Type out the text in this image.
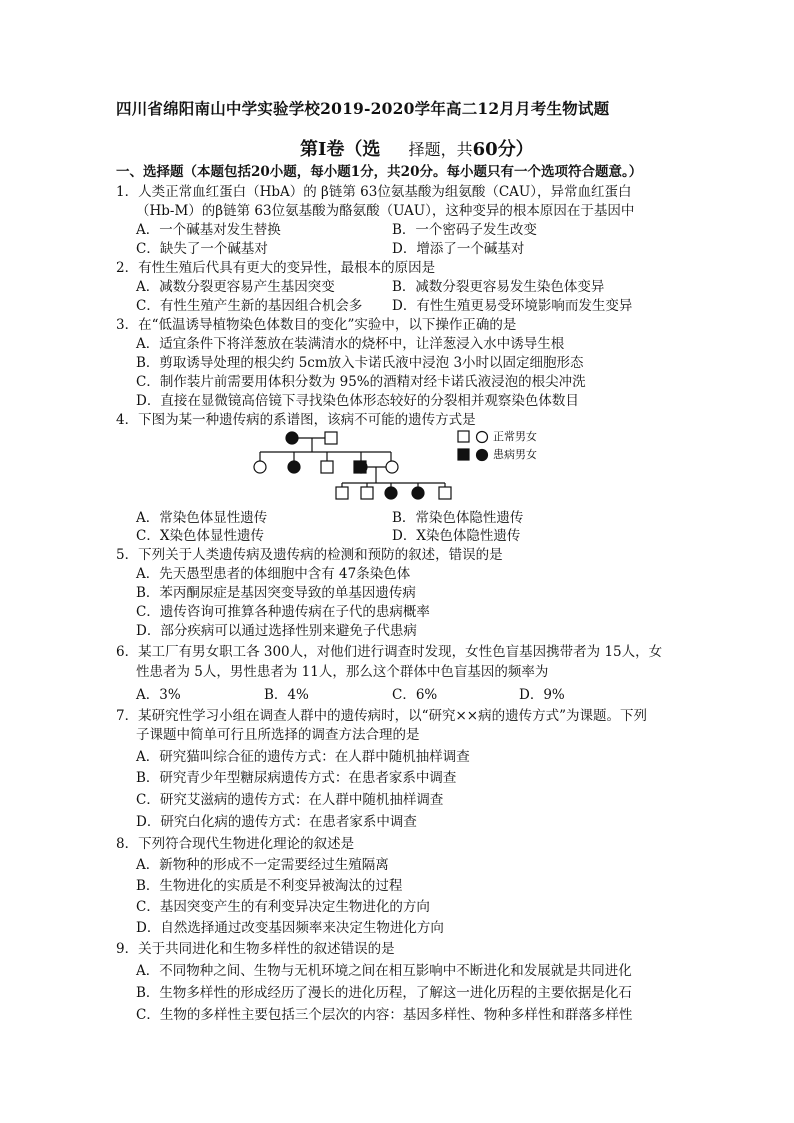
四川省绵阳南山中学实验学校2019-2020学年高二12月月考生物试题
第Ⅰ卷（选 择题，共60分）
一、选择题（本题包括20小题，每小题1分，共20分。每小题只有一个选项符合题意。）
1．人类正常血红蛋白（HbA）的 β链第 63位氨基酸为组氨酸（CAU），异常血红蛋白
（Hb-M）的β链第 63位氨基酸为酪氨酸（UAU），这种变异的根本原因在于基因中
A．一个碱基对发生替换	B．一个密码子发生改变
C．缺失了一个碱基对	D．增添了一个碱基对
2．有性生殖后代具有更大的变异性，最根本的原因是
A．减数分裂更容易产生基因突变	B．减数分裂更容易发生染色体变异
C．有性生殖产生新的基因组合机会多 D．有性生殖更易受环境影响而发生变异
3．在“低温诱导植物染色体数目的变化”实验中，以下操作正确的是
A．适宜条件下将洋葱放在装满清水的烧杯中，让洋葱浸入水中诱导生根
B．剪取诱导处理的根尖约 5cm放入卡诺氏液中浸泡 3小时以固定细胞形态
C．制作装片前需要用体积分数为 95%的酒精对经卡诺氏液浸泡的根尖冲洗
D．直接在显微镜高倍镜下寻找染色体形态较好的分裂相并观察染色体数目
4．下图为某一种遗传病的系谱图，该病不可能的遗传方式是
正常男女
患病男女
A．常染色体显性遗传	B．常染色体隐性遗传
C．X染色体显性遗传	D．X染色体隐性遗传
5．下列关于人类遗传病及遗传病的检测和预防的叙述，错误的是
A．先天愚型患者的体细胞中含有 47条染色体
B．苯丙酮尿症是基因突变导致的单基因遗传病
C．遗传咨询可推算各种遗传病在子代的患病概率
D．部分疾病可以通过选择性别来避免子代患病
6．某工厂有男女职工各 300人，对他们进行调查时发现，女性色盲基因携带者为 15人，女
性患者为 5人，男性患者为 11人，那么这个群体中色盲基因的频率为
A．3%	B．4%	C．6%	D．9%
7．某研究性学习小组在调查人群中的遗传病时，以“研究××病的遗传方式”为课题。下列
子课题中简单可行且所选择的调查方法合理的是
A．研究猫叫综合征的遗传方式：在人群中随机抽样调查
B．研究青少年型糖尿病遗传方式：在患者家系中调查
C．研究艾滋病的遗传方式：在人群中随机抽样调查
D．研究白化病的遗传方式：在患者家系中调查
8．下列符合现代生物进化理论的叙述是
A．新物种的形成不一定需要经过生殖隔离
B．生物进化的实质是不利变异被淘汰的过程
C．基因突变产生的有利变异决定生物进化的方向
D．自然选择通过改变基因频率来决定生物进化方向
9．关于共同进化和生物多样性的叙述错误的是
A．不同物种之间、生物与无机环境之间在相互影响中不断进化和发展就是共同进化
B．生物多样性的形成经历了漫长的进化历程，了解这一进化历程的主要依据是化石
C．生物的多样性主要包括三个层次的内容：基因多样性、物种多样性和群落多样性
